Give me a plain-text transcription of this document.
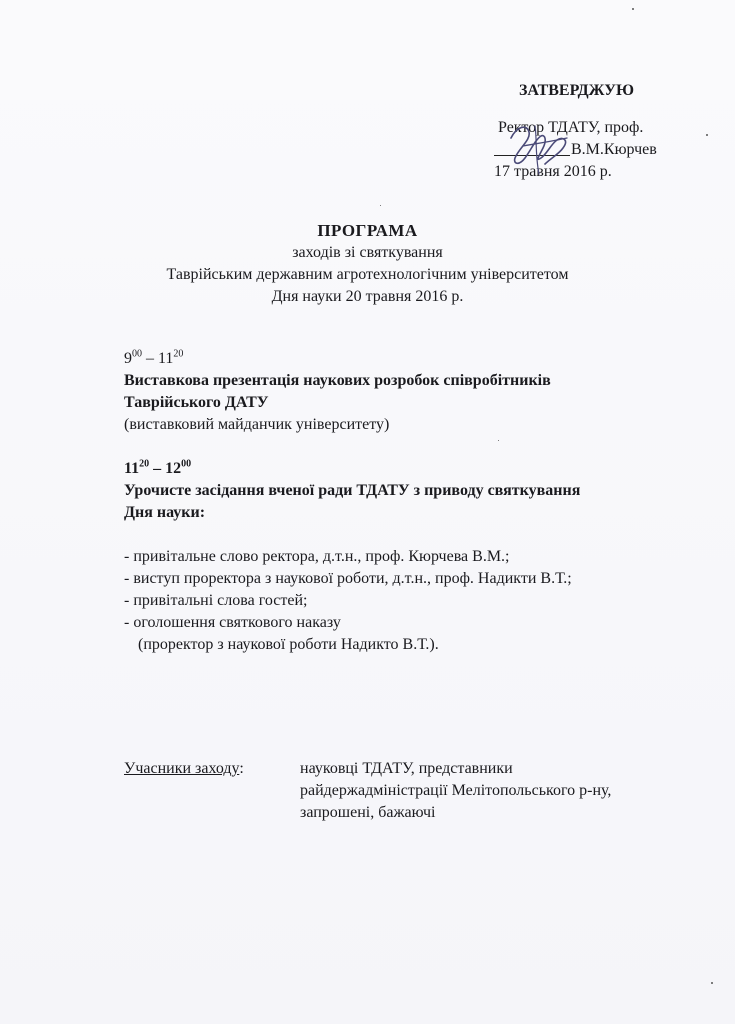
ЗАТВЕРДЖУЮ
Ректор ТДАТУ, проф.
В.М.Кюрчев
17 травня 2016 р.
ПРОГРАМА
заходів зі святкування
Таврійським державним агротехнологічним університетом
Дня науки 20 травня 2016 р.
$9^{00} - 11^{20}$
Виставкова презентація наукових розробок співробітників
Таврійського ДАТУ
(виставковий майданчик університету)
$11^{20} - 12^{00}$
Урочисте засідання вченої ради ТДАТУ з приводу святкування
Дня науки:
- привітальне слово ректора, д.т.н., проф. Кюрчева В.М.;
- виступ проректора з наукової роботи, д.т.н., проф. Надикти В.Т.;
- привітальні слова гостей;
- оголошення святкового наказу
(проректор з наукової роботи Надикто В.Т.).
Учасники заходу:	науковці ТДАТУ, представники
райдержадміністрації Мелітопольського р-ну,
запрошені, бажаючі
